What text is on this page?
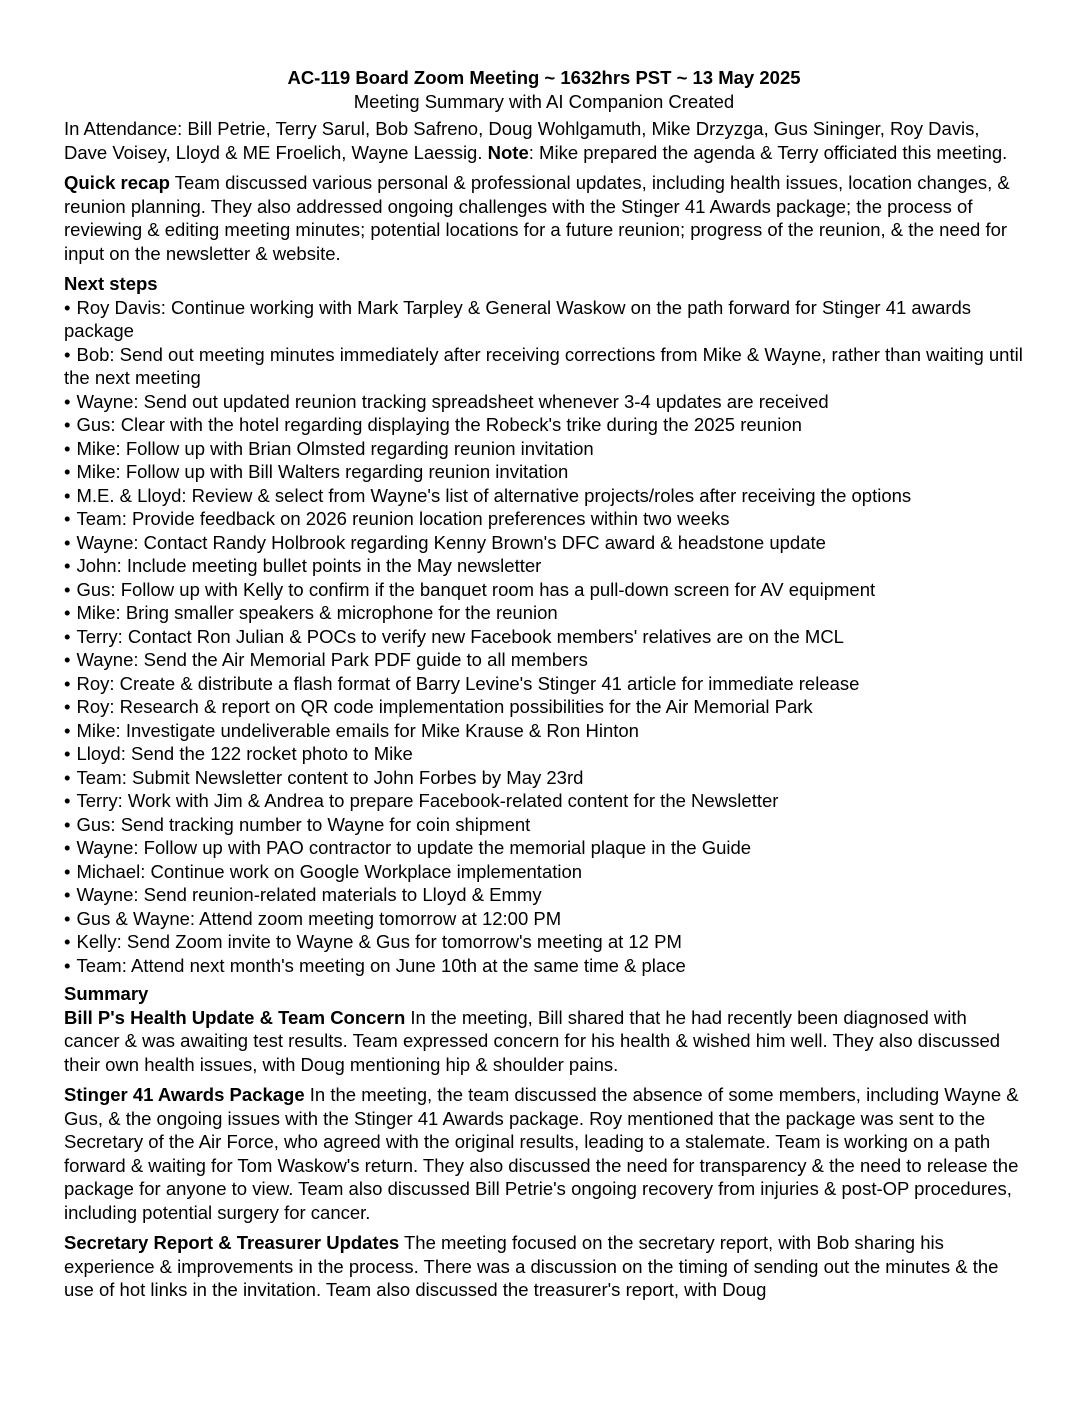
AC-119 Board Zoom Meeting ~ 1632hrs PST ~ 13 May 2025
Meeting Summary with AI Companion Created

In Attendance: Bill Petrie, Terry Sarul, Bob Safreno, Doug Wohlgamuth, Mike Drzyzga, Gus Sininger, Roy Davis, Dave Voisey, Lloyd & ME Froelich, Wayne Laessig. Note: Mike prepared the agenda & Terry officiated this meeting.

Quick recap Team discussed various personal & professional updates, including health issues, location changes, & reunion planning. They also addressed ongoing challenges with the Stinger 41 Awards package; the process of reviewing & editing meeting minutes; potential locations for a future reunion; progress of the reunion, & the need for input on the newsletter & website.

Next steps
• Roy Davis: Continue working with Mark Tarpley & General Waskow on the path forward for Stinger 41 awards package
• Bob: Send out meeting minutes immediately after receiving corrections from Mike & Wayne, rather than waiting until the next meeting
• Wayne: Send out updated reunion tracking spreadsheet whenever 3-4 updates are received
• Gus: Clear with the hotel regarding displaying the Robeck's trike during the 2025 reunion
• Mike: Follow up with Brian Olmsted regarding reunion invitation
• Mike: Follow up with Bill Walters regarding reunion invitation
• M.E. & Lloyd: Review & select from Wayne's list of alternative projects/roles after receiving the options
• Team: Provide feedback on 2026 reunion location preferences within two weeks
• Wayne: Contact Randy Holbrook regarding Kenny Brown's DFC award & headstone update
• John: Include meeting bullet points in the May newsletter
• Gus: Follow up with Kelly to confirm if the banquet room has a pull-down screen for AV equipment
• Mike: Bring smaller speakers & microphone for the reunion
• Terry: Contact Ron Julian & POCs to verify new Facebook members' relatives are on the MCL
• Wayne: Send the Air Memorial Park PDF guide to all members
• Roy: Create & distribute a flash format of Barry Levine's Stinger 41 article for immediate release
• Roy: Research & report on QR code implementation possibilities for the Air Memorial Park
• Mike: Investigate undeliverable emails for Mike Krause & Ron Hinton
• Lloyd: Send the 122 rocket photo to Mike
• Team: Submit Newsletter content to John Forbes by May 23rd
• Terry: Work with Jim & Andrea to prepare Facebook-related content for the Newsletter
• Gus: Send tracking number to Wayne for coin shipment
• Wayne: Follow up with PAO contractor to update the memorial plaque in the Guide
• Michael: Continue work on Google Workplace implementation
• Wayne: Send reunion-related materials to Lloyd & Emmy
• Gus & Wayne: Attend zoom meeting tomorrow at 12:00 PM
• Kelly: Send Zoom invite to Wayne & Gus for tomorrow's meeting at 12 PM
• Team: Attend next month's meeting on June 10th at the same time & place
Summary

Bill P's Health Update & Team Concern In the meeting, Bill shared that he had recently been diagnosed with cancer & was awaiting test results. Team expressed concern for his health & wished him well. They also discussed their own health issues, with Doug mentioning hip & shoulder pains.

Stinger 41 Awards Package In the meeting, the team discussed the absence of some members, including Wayne & Gus, & the ongoing issues with the Stinger 41 Awards package. Roy mentioned that the package was sent to the Secretary of the Air Force, who agreed with the original results, leading to a stalemate. Team is working on a path forward & waiting for Tom Waskow's return. They also discussed the need for transparency & the need to release the package for anyone to view. Team also discussed Bill Petrie's ongoing recovery from injuries & post-OP procedures, including potential surgery for cancer.

Secretary Report & Treasurer Updates The meeting focused on the secretary report, with Bob sharing his experience & improvements in the process. There was a discussion on the timing of sending out the minutes & the use of hot links in the invitation. Team also discussed the treasurer's report, with Doug
